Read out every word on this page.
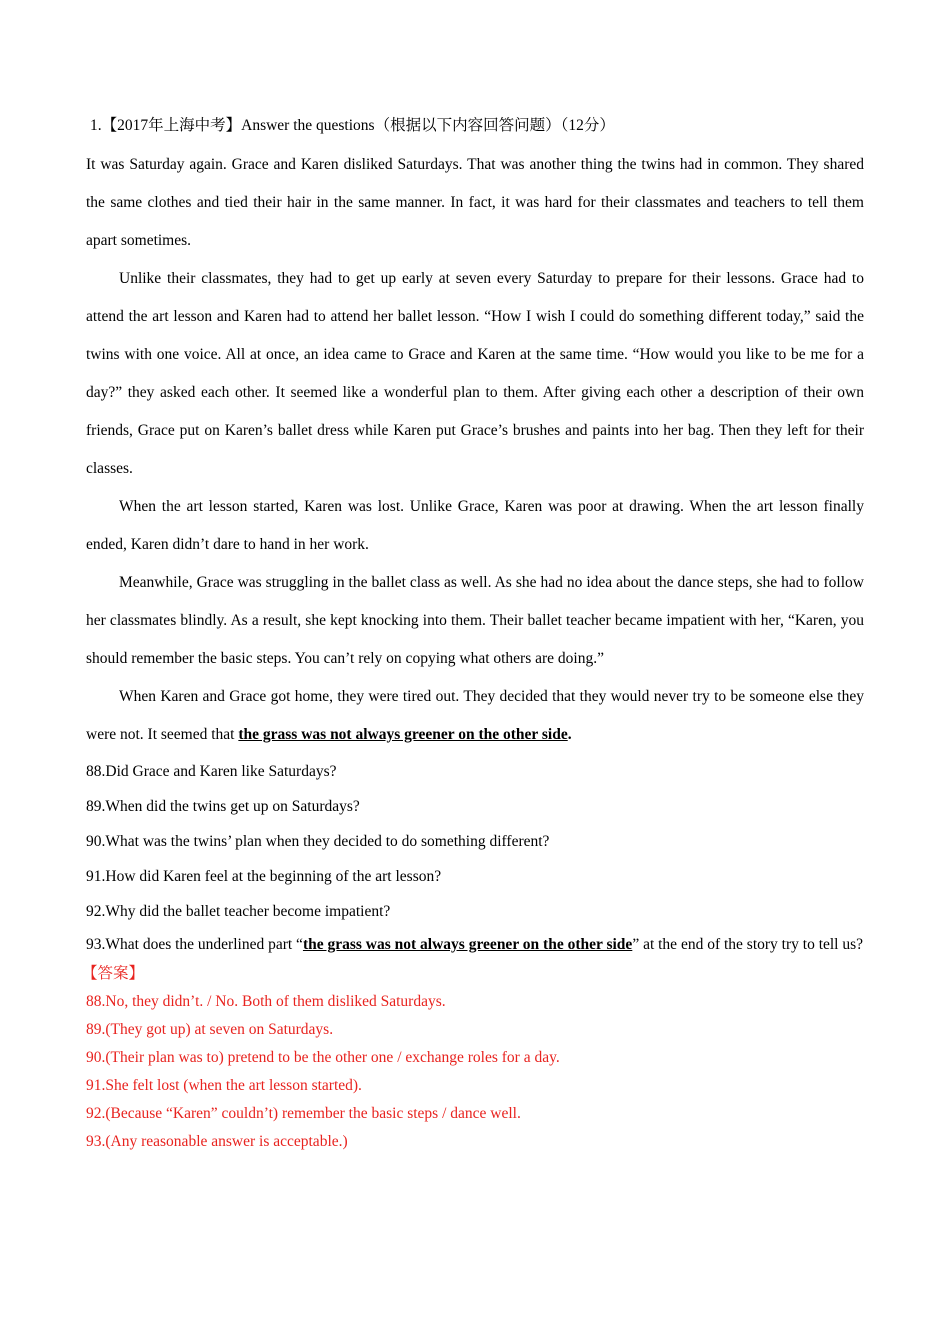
1.【2017年上海中考】Answer the questions（根据以下内容回答问题）（12分）

It was Saturday again. Grace and Karen disliked Saturdays. That was another thing the twins had in common. They shared the same clothes and tied their hair in the same manner. In fact, it was hard for their classmates and teachers to tell them apart sometimes.

Unlike their classmates, they had to get up early at seven every Saturday to prepare for their lessons. Grace had to attend the art lesson and Karen had to attend her ballet lesson. “How I wish I could do something different today,” said the twins with one voice. All at once, an idea came to Grace and Karen at the same time. “How would you like to be me for a day?” they asked each other. It seemed like a wonderful plan to them. After giving each other a description of their own friends, Grace put on Karen’s ballet dress while Karen put Grace’s brushes and paints into her bag. Then they left for their classes.

When the art lesson started, Karen was lost. Unlike Grace, Karen was poor at drawing. When the art lesson finally ended, Karen didn’t dare to hand in her work.

Meanwhile, Grace was struggling in the ballet class as well. As she had no idea about the dance steps, she had to follow her classmates blindly. As a result, she kept knocking into them. Their ballet teacher became impatient with her, “Karen, you should remember the basic steps. You can’t rely on copying what others are doing.”

When Karen and Grace got home, they were tired out. They decided that they would never try to be someone else they were not. It seemed that the grass was not always greener on the other side.

88.Did Grace and Karen like Saturdays?

89.When did the twins get up on Saturdays?

90.What was the twins’ plan when they decided to do something different?

91.How did Karen feel at the beginning of the art lesson?

92.Why did the ballet teacher become impatient?

93.What does the underlined part “the grass was not always greener on the other side” at the end of the story try to tell us?

【答案】
88.No, they didn’t. / No. Both of them disliked Saturdays.
89.(They got up) at seven on Saturdays.
90.(Their plan was to) pretend to be the other one / exchange roles for a day.
91.She felt lost (when the art lesson started).
92.(Because “Karen” couldn’t) remember the basic steps / dance well.
93.(Any reasonable answer is acceptable.)
